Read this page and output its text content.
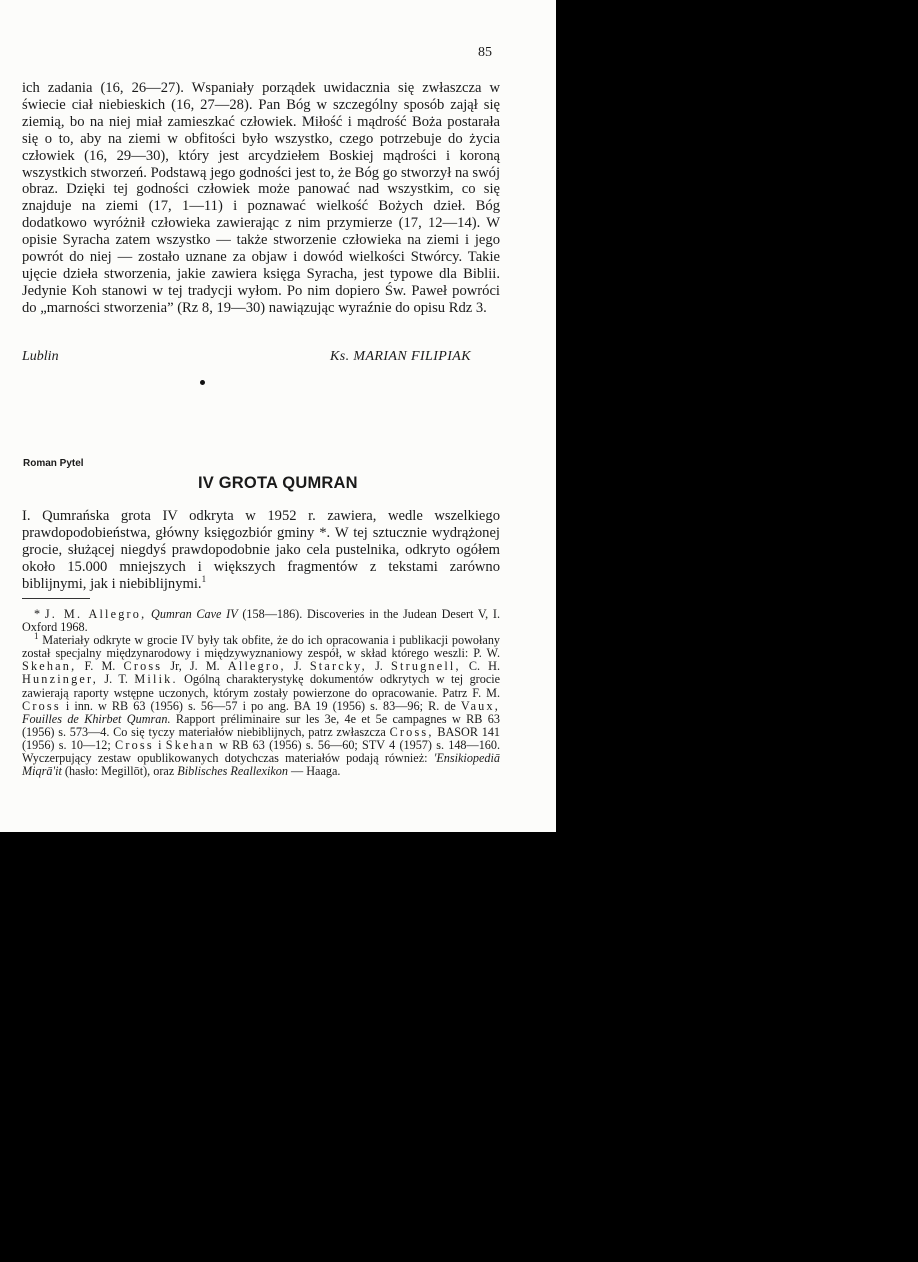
85

ich zadania (16, 26—27). Wspaniały porządek uwidacznia się zwłaszcza w świecie ciał niebieskich (16, 27—28). Pan Bóg w szczególny sposób zajął się ziemią, bo na niej miał zamieszkać człowiek. Miłość i mądrość Boża postarała się o to, aby na ziemi w obfitości było wszystko, czego potrzebuje do życia człowiek (16, 29—30), który jest arcydziełem Boskiej mądrości i koroną wszystkich stworzeń. Podstawą jego godności jest to, że Bóg go stworzył na swój obraz. Dzięki tej godności człowiek może panować nad wszystkim, co się znajduje na ziemi (17, 1—11) i poznawać wielkość Bożych dzieł. Bóg dodatkowo wyróżnił człowieka zawierając z nim przymierze (17, 12—14). W opisie Syracha zatem wszystko — także stworzenie człowieka na ziemi i jego powrót do niej — zostało uznane za objaw i dowód wielkości Stwórcy. Takie ujęcie dzieła stworzenia, jakie zawiera księga Syracha, jest typowe dla Biblii. Jedynie Koh stanowi w tej tradycji wyłom. Po nim dopiero Św. Paweł powróci do „marności stworzenia” (Rz 8, 19—30) nawiązując wyraźnie do opisu Rdz 3.

Lublin	Ks. MARIAN FILIPIAK
Roman Pytel
IV GROTA QUMRAN

I. Qumrańska grota IV odkryta w 1952 r. zawiera, wedle wszelkiego prawdopodobieństwa, główny księgozbiór gminy *. W tej sztucznie wydrążonej grocie, służącej niegdyś prawdopodobnie jako cela pustelnika, odkryto ogółem około 15.000 mniejszych i większych fragmentów z tekstami zarówno biblijnymi, jak i niebiblijnymi.$^1$

* J. M. Allegro, Qumran Cave IV (158—186). Discoveries in the Judean Desert V, I. Oxford 1968.

$^1$ Materiały odkryte w grocie IV były tak obfite, że do ich opracowania i publikacji powołany został specjalny międzynarodowy i międzywyznaniowy zespół, w skład którego weszli: P. W. Skehan, F. M. Cross Jr, J. M. Allegro, J. Starcky, J. Strugnell, C. H. Hunzinger, J. T. Milik. Ogólną charakterystykę dokumentów odkrytych w tej grocie zawierają raporty wstępne uczonych, którym zostały powierzone do opracowanie. Patrz F. M. Cross i inn. w RB 63 (1956) s. 56—57 i po ang. BA 19 (1956) s. 83—96; R. de Vaux, Fouilles de Khirbet Qumran. Rapport préliminaire sur les 3e, 4e et 5e campagnes w RB 63 (1956) s. 573—4. Co się tyczy materiałów niebiblijnych, patrz zwłaszcza Cross, BASOR 141 (1956) s. 10—12; Cross i Skehan w RB 63 (1956) s. 56—60; STV 4 (1957) s. 148—160. Wyczerpujący zestaw opublikowanych dotychczas materiałów podają również: 'Ensikiopediā Miqrā'it (hasło: Megillōt), oraz Biblisches Reallexikon — Haaga.
